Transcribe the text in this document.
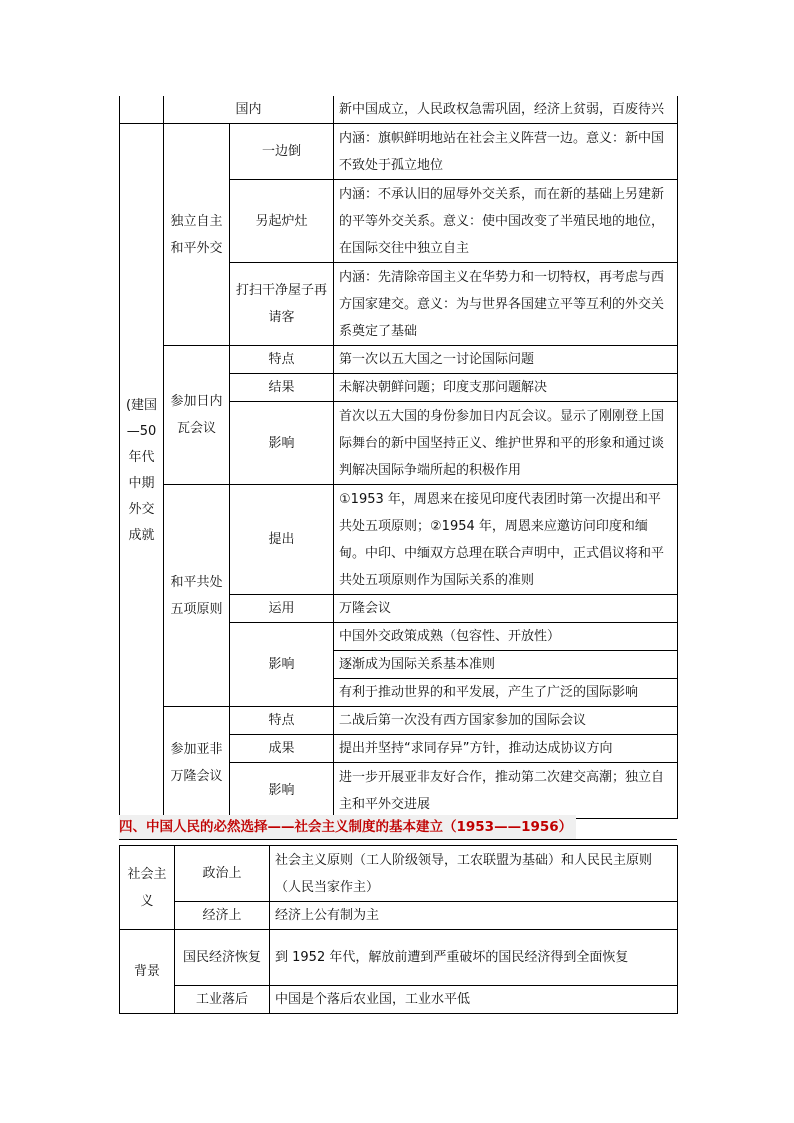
	国内		新中国成立，人民政权急需巩固，经济上贫弱，百废待兴
(建国—50年代中期外交成就	独立自主和平外交	一边倒	内涵：旗帜鲜明地站在社会主义阵营一边。意义：新中国不致处于孤立地位
		另起炉灶	内涵：不承认旧的屈辱外交关系，而在新的基础上另建新的平等外交关系。意义：使中国改变了半殖民地的地位，在国际交往中独立自主
		打扫干净屋子再请客	内涵：先清除帝国主义在华势力和一切特权，再考虑与西方国家建交。意义：为与世界各国建立平等互利的外交关系奠定了基础
	参加日内瓦会议	特点	第一次以五大国之一讨论国际问题
		结果	未解决朝鲜问题；印度支那问题解决
		影响	首次以五大国的身份参加日内瓦会议。显示了刚刚登上国际舞台的新中国坚持正义、维护世界和平的形象和通过谈判解决国际争端所起的积极作用
	和平共处五项原则	提出	①1953 年，周恩来在接见印度代表团时第一次提出和平共处五项原则；②1954 年，周恩来应邀访问印度和缅甸。中印、中缅双方总理在联合声明中，正式倡议将和平共处五项原则作为国际关系的准则
		运用	万隆会议
		影响	中国外交政策成熟（包容性、开放性）
			逐渐成为国际关系基本准则
			有利于推动世界的和平发展，产生了广泛的国际影响
	参加亚非万隆会议	特点	二战后第一次没有西方国家参加的国际会议
		成果	提出并坚持“求同存异”方针，推动达成协议方向
		影响	进一步开展亚非友好合作，推动第二次建交高潮；独立自主和平外交进展
四、中国人民的必然选择——社会主义制度的基本建立（1953——1956）
社会主义	政治上	社会主义原则（工人阶级领导，工农联盟为基础）和人民民主原则（人民当家作主）
	经济上	经济上公有制为主
背景	国民经济恢复	到 1952 年代，解放前遭到严重破坏的国民经济得到全面恢复
	工业落后	中国是个落后农业国，工业水平低
